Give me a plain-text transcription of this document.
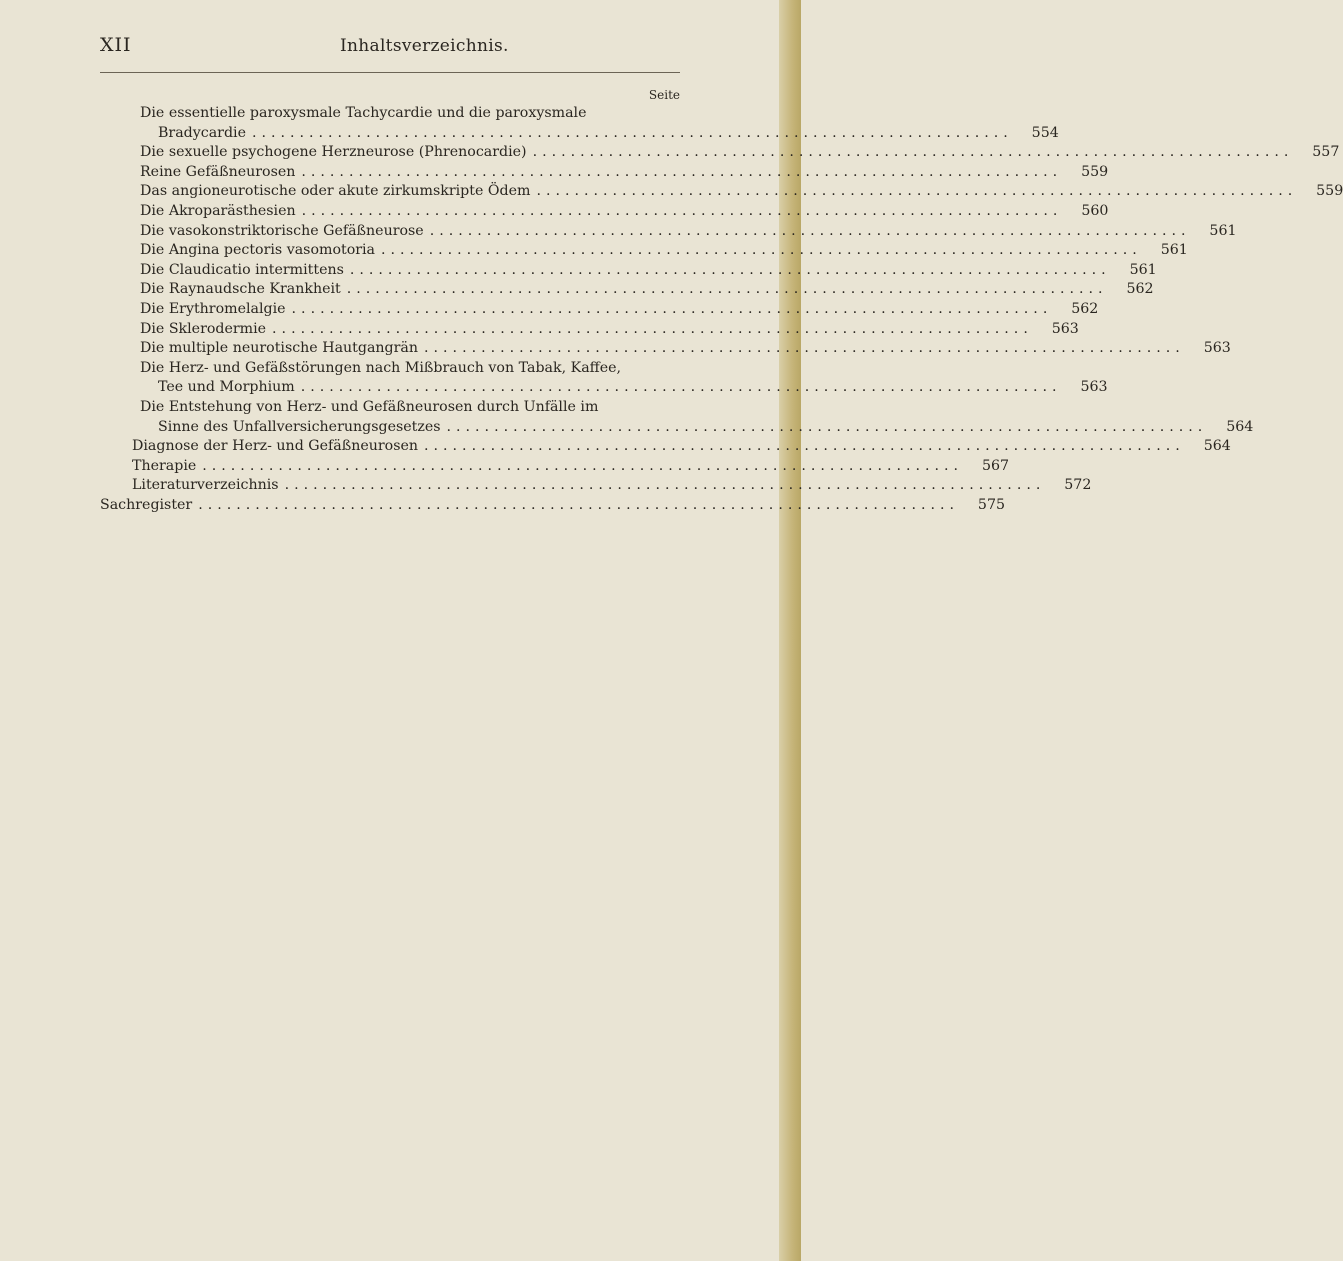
XII	Inhaltsverzeichnis.
Seite
Die essentielle paroxysmale Tachycardie und die paroxysmale
Bradycardie ................................................................................	554
Die sexuelle psychogene Herzneurose (Phrenocardie) ................................................................................	557
Reine Gefäßneurosen ................................................................................	559
Das angioneurotische oder akute zirkumskripte Ödem ................................................................................	559
Die Akroparästhesien ................................................................................	560
Die vasokonstriktorische Gefäßneurose ................................................................................	561
Die Angina pectoris vasomotoria ................................................................................	561
Die Claudicatio intermittens ................................................................................	561
Die Raynaudsche Krankheit ................................................................................	562
Die Erythromelalgie ................................................................................	562
Die Sklerodermie ................................................................................	563
Die multiple neurotische Hautgangrän ................................................................................	563
Die Herz- und Gefäßstörungen nach Mißbrauch von Tabak, Kaffee,
Tee und Morphium ................................................................................	563
Die Entstehung von Herz- und Gefäßneurosen durch Unfälle im
Sinne des Unfallversicherungsgesetzes ................................................................................	564
Diagnose der Herz- und Gefäßneurosen ................................................................................	564
Therapie ................................................................................	567
Literaturverzeichnis ................................................................................	572
Sachregister ................................................................................	575
